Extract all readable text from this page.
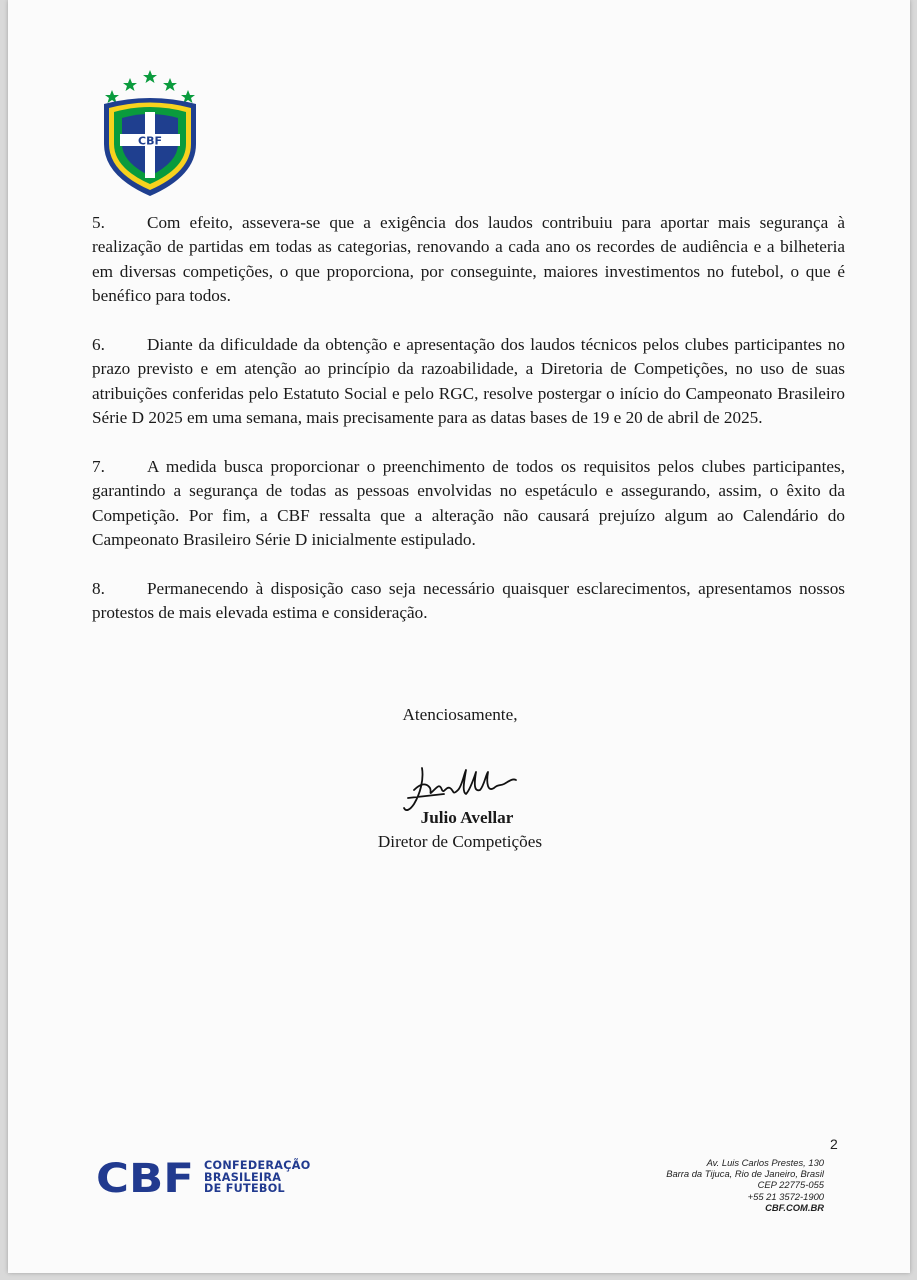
CBF

5. Com efeito, assevera-se que a exigência dos laudos contribuiu para aportar mais segurança à realização de partidas em todas as categorias, renovando a cada ano os recordes de audiência e a bilheteria em diversas competições, o que proporciona, por conseguinte, maiores investimentos no futebol, o que é benéfico para todos.

6. Diante da dificuldade da obtenção e apresentação dos laudos técnicos pelos clubes participantes no prazo previsto e em atenção ao princípio da razoabilidade, a Diretoria de Competições, no uso de suas atribuições conferidas pelo Estatuto Social e pelo RGC, resolve postergar o início do Campeonato Brasileiro Série D 2025 em uma semana, mais precisamente para as datas bases de 19 e 20 de abril de 2025.

7. A medida busca proporcionar o preenchimento de todos os requisitos pelos clubes participantes, garantindo a segurança de todas as pessoas envolvidas no espetáculo e assegurando, assim, o êxito da Competição. Por fim, a CBF ressalta que a alteração não causará prejuízo algum ao Calendário do Campeonato Brasileiro Série D inicialmente estipulado.

8. Permanecendo à disposição caso seja necessário quaisquer esclarecimentos, apresentamos nossos protestos de mais elevada estima e consideração.

Atenciosamente,
Julio Avellar
Diretor de Competições
2
CBF CONFEDERAÇÃO
BRASILEIRA
DE FUTEBOL
Av. Luis Carlos Prestes, 130
Barra da Tijuca, Rio de Janeiro, Brasil
CEP 22775-055
+55 21 3572-1900
CBF.COM.BR
